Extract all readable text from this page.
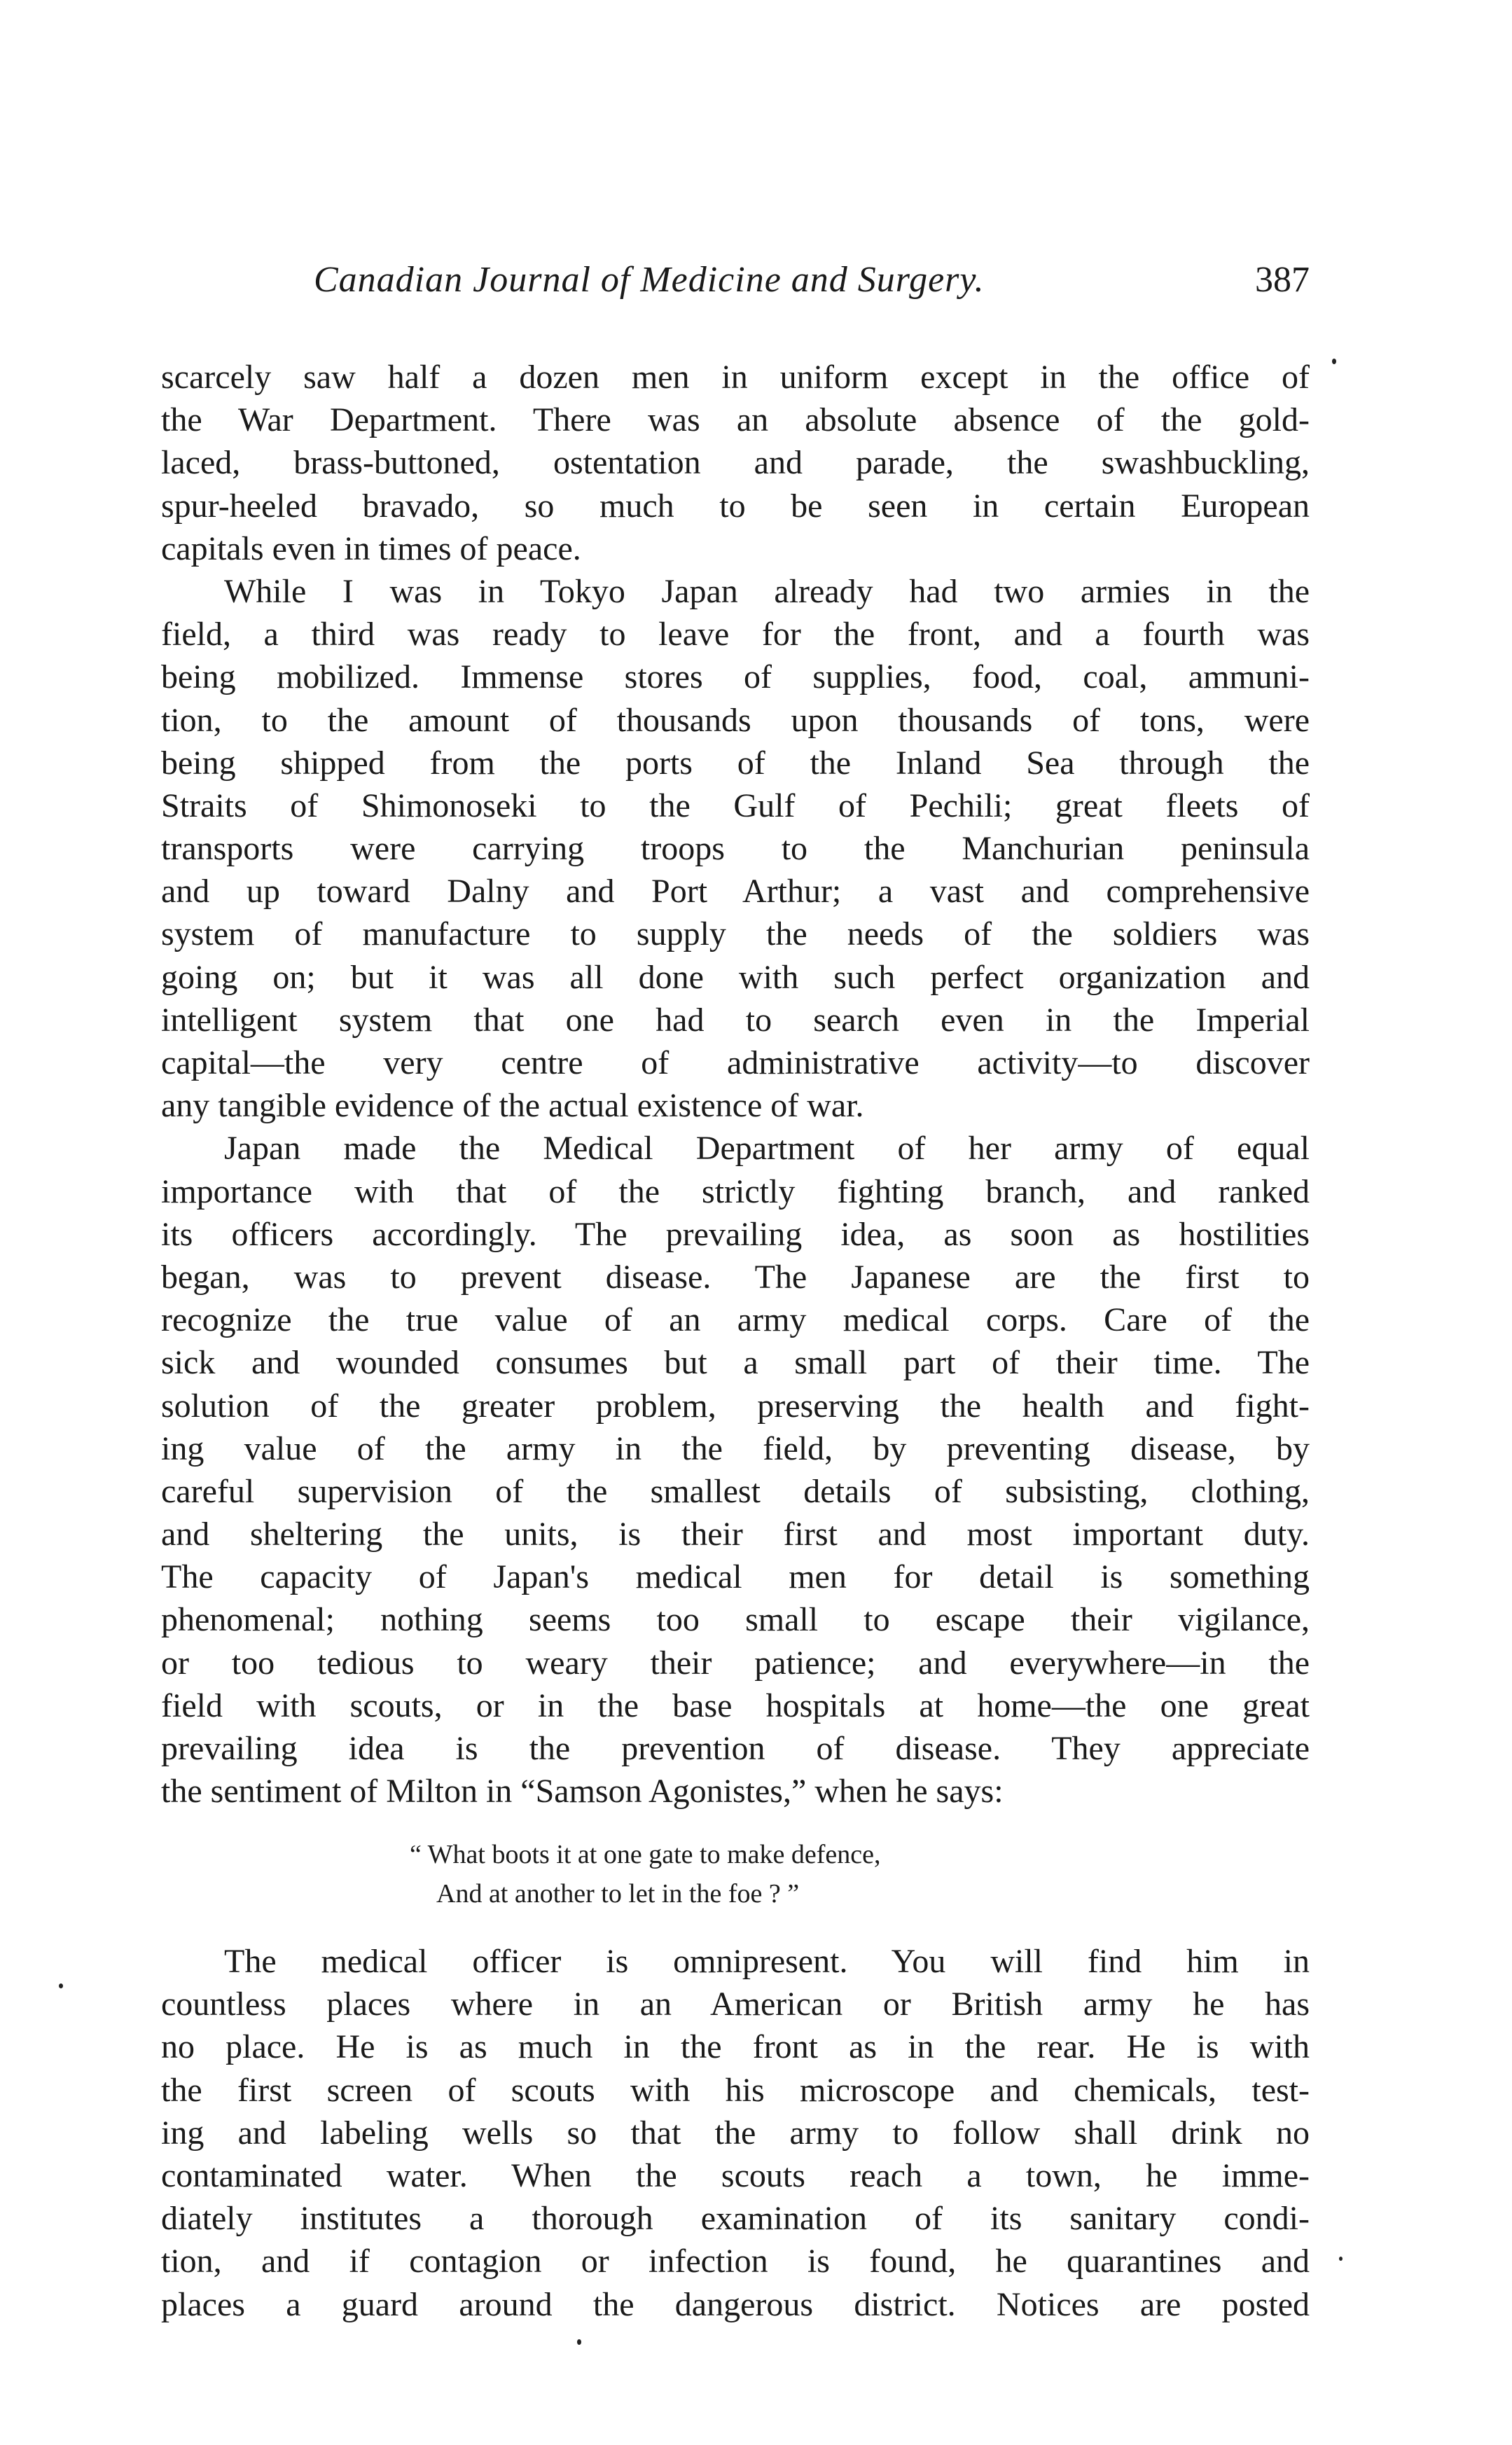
Canadian Journal of Medicine and Surgery.	387
scarcely saw half a dozen men in uniform except in the office of
the War Department. There was an absolute absence of the gold-
laced, brass-buttoned, ostentation and parade, the swashbuckling,
spur-heeled bravado, so much to be seen in certain European
capitals even in times of peace.
While I was in Tokyo Japan already had two armies in the
field, a third was ready to leave for the front, and a fourth was
being mobilized. Immense stores of supplies, food, coal, ammuni-
tion, to the amount of thousands upon thousands of tons, were
being shipped from the ports of the Inland Sea through the
Straits of Shimonoseki to the Gulf of Pechili; great fleets of
transports were carrying troops to the Manchurian peninsula
and up toward Dalny and Port Arthur; a vast and comprehensive
system of manufacture to supply the needs of the soldiers was
going on; but it was all done with such perfect organization and
intelligent system that one had to search even in the Imperial
capital—the very centre of administrative activity—to discover
any tangible evidence of the actual existence of war.
Japan made the Medical Department of her army of equal
importance with that of the strictly fighting branch, and ranked
its officers accordingly. The prevailing idea, as soon as hostilities
began, was to prevent disease. The Japanese are the first to
recognize the true value of an army medical corps. Care of the
sick and wounded consumes but a small part of their time. The
solution of the greater problem, preserving the health and fight-
ing value of the army in the field, by preventing disease, by
careful supervision of the smallest details of subsisting, clothing,
and sheltering the units, is their first and most important duty.
The capacity of Japan's medical men for detail is something
phenomenal; nothing seems too small to escape their vigilance,
or too tedious to weary their patience; and everywhere—in the
field with scouts, or in the base hospitals at home—the one great
prevailing idea is the prevention of disease. They appreciate
the sentiment of Milton in “Samson Agonistes,” when he says:
“ What boots it at one gate to make defence,
And at another to let in the foe ? ”
The medical officer is omnipresent. You will find him in
countless places where in an American or British army he has
no place. He is as much in the front as in the rear. He is with
the first screen of scouts with his microscope and chemicals, test-
ing and labeling wells so that the army to follow shall drink no
contaminated water. When the scouts reach a town, he imme-
diately institutes a thorough examination of its sanitary condi-
tion, and if contagion or infection is found, he quarantines and
places a guard around the dangerous district. Notices are posted
